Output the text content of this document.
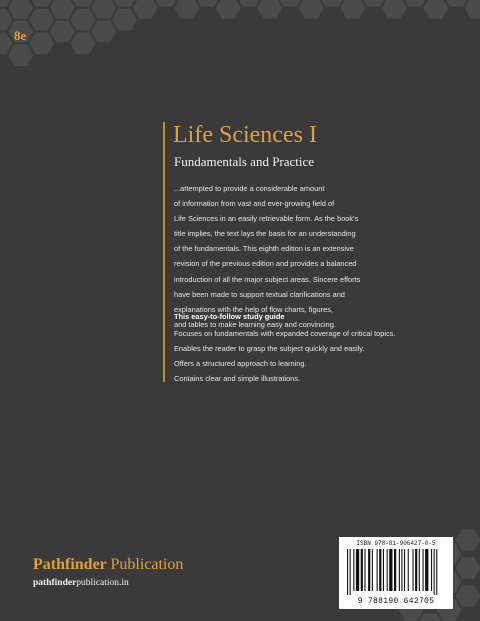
8e
Life Sciences I
Fundamentals and Practice
...attempted to provide a considerable amount
of information from vast and ever-growing field of
Life Sciences in an easily retrievable form. As the book's
title implies, the text lays the basis for an understanding
of the fundamentals. This eighth edition is an extensive
revision of the previous edition and provides a balanced
introduction of all the major subject areas. Sincere efforts
have been made to support textual clarifications and
explanations with the help of flow charts, figures,
and tables to make learning easy and convincing.
This easy-to-follow study guide
Focuses on fundamentals with expanded coverage of critical topics.
Enables the reader to grasp the subject quickly and easily.
Offers a structured approach to learning.
Contains clear and simple illustrations.
Pathfinder Publication
pathfinderpublication.in
ISBN 978-81-906427-0-5
9 788190 642705
